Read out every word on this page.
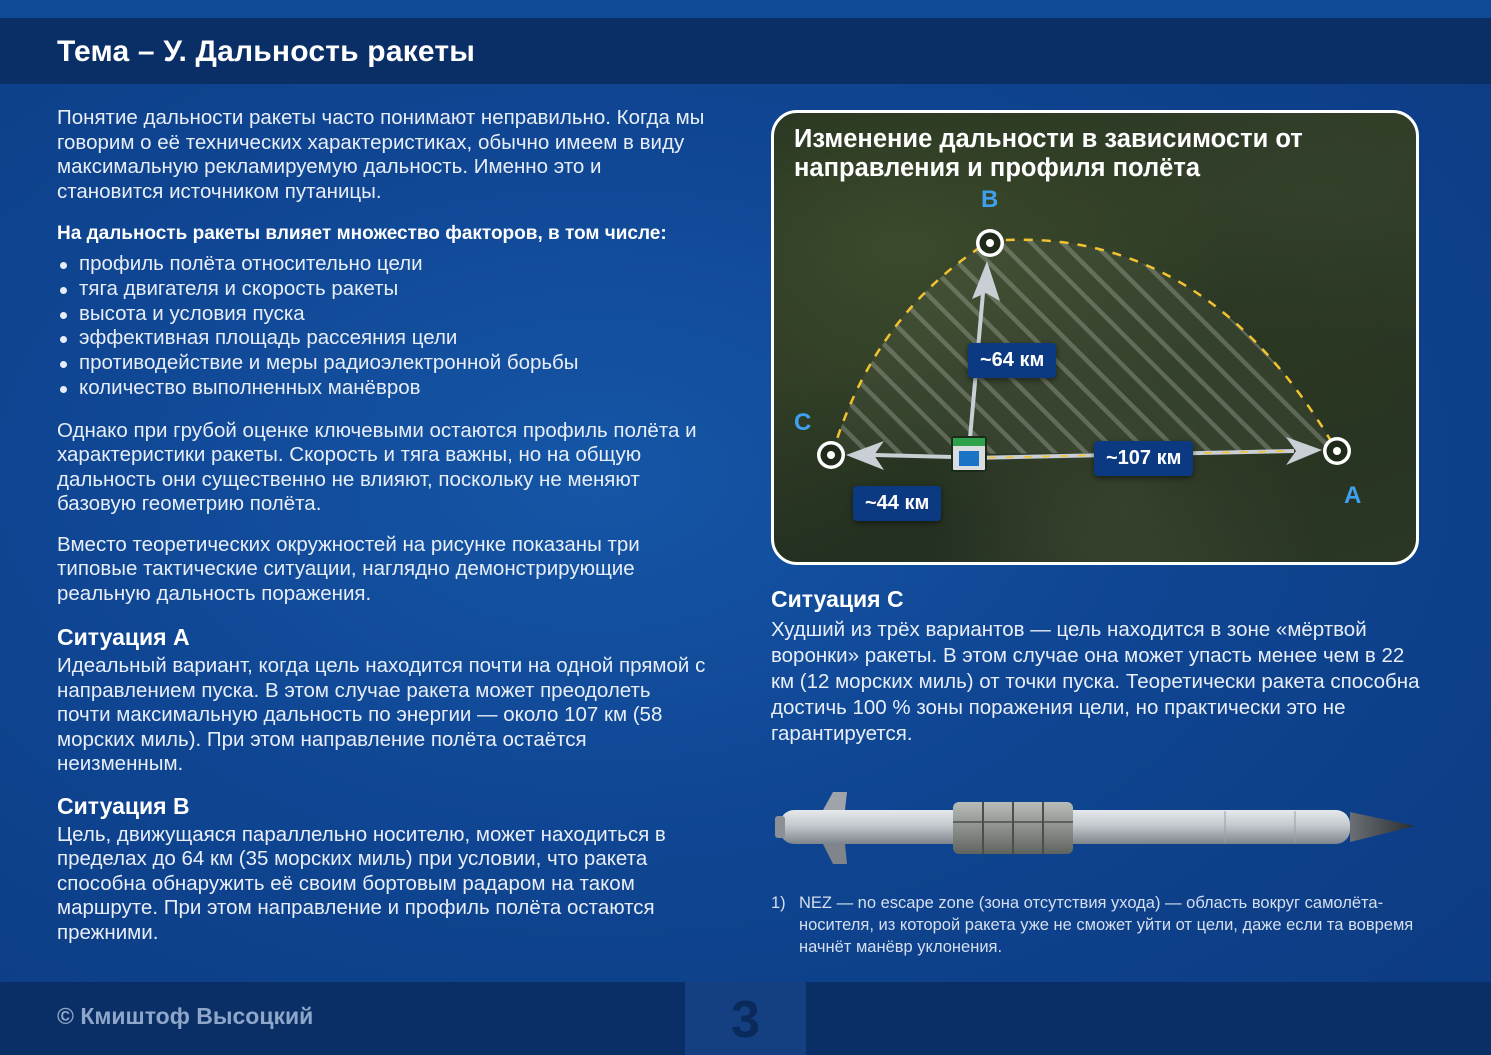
Тема – У. Дальность ракеты

Понятие дальности ракеты часто понимают неправильно. Когда мы говорим о её технических характеристиках, обычно имеем в виду максимальную рекламируемую дальность. Именно это и становится источником путаницы.

На дальность ракеты влияет множество факторов, в том числе:
профиль полёта относительно цели
тяга двигателя и скорость ракеты
высота и условия пуска
эффективная площадь рассеяния цели
противодействие и меры радиоэлектронной борьбы
количество выполненных манёвров

Однако при грубой оценке ключевыми остаются профиль полёта и характеристики ракеты. Скорость и тяга важны, но на общую дальность они существенно не влияют, поскольку не меняют базовую геометрию полёта.

Вместо теоретических окружностей на рисунке показаны три типовые тактические ситуации, наглядно демонстрирующие реальную дальность поражения.

Ситуация A

Идеальный вариант, когда цель находится почти на одной прямой с направлением пуска. В этом случае ракета может преодолеть почти максимальную дальность по энергии — около 107 км (58 морских миль). При этом направление полёта остаётся неизменным.

Ситуация B

Цель, движущаяся параллельно носителю, может находиться в пределах до 64 км (35 морских миль) при условии, что ракета способна обнаружить её своим бортовым радаром на таком маршруте. При этом направление и профиль полёта остаются прежними.

Изменение дальности в зависимости от направления и профиля полёта
B
C
A
~64 км
~107 км
~44 км
Ситуация C

Худший из трёх вариантов — цель находится в зоне «мёртвой воронки» ракеты. В этом случае она может упасть менее чем в 22 км (12 морских миль) от точки пуска. Теоретически ракета способна достичь 100 % зоны поражения цели, но практически это не гарантируется.

1) NEZ — no escape zone (зона отсутствия ухода) — область вокруг самолёта-носителя, из которой ракета уже не сможет уйти от цели, даже если та вовремя начнёт манёвр уклонения.

© Кмиштоф Высоцкий	3
